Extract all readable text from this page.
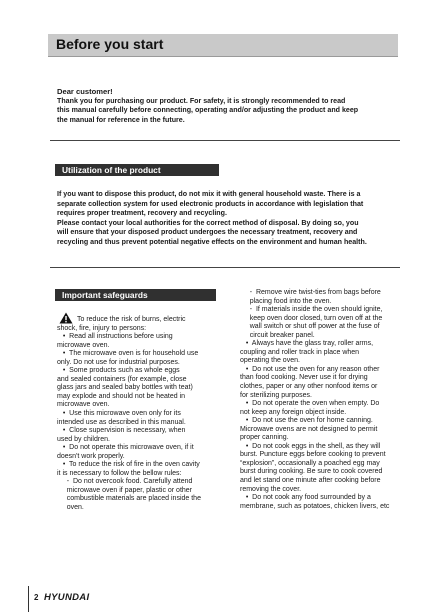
Before you start

Dear customer!

Thank you for purchasing our product. For safety, it is strongly recommended to read

this manual carefully before connecting, operating and/or adjusting the product and keep

the manual for reference in the future.

Utilization of the product

If you want to dispose this product, do not mix it with general household waste. There is a

separate collection system for used electronic products in accordance with legislation that

requires proper treatment, recovery and recycling.

Please contact your local authorities for the correct method of disposal. By doing so, you

will ensure that your disposed product undergoes the necessary treatment, recovery and

recycling and thus prevent potential negative effects on the environment and human health.

Important safeguards

To reduce the risk of burns, electric

shock, fire, injury to persons:

•  Read all instructions before using

microwave oven.

•  The microwave oven is for household use

only. Do not use for industrial purposes.

•  Some products such as whole eggs

and sealed containers (for example, close

glass jars and sealed baby bottles with teat)

may explode and should not be heated in

microwave oven.

•  Use this microwave oven only for its

intended use as described in this manual.

•  Close supervision is necessary, when

used by children.

•  Do not operate this microwave oven, if it

doesn't work properly.

•  To reduce the risk of fire in the oven cavity

it is necessary to follow the bellow rules:

-  Do not overcook food. Carefully attend

microwave oven if paper, plastic or other

combustible materials are placed inside the

oven.

-  Remove wire twist-ties from bags before

placing food into the oven.

-  If materials inside the oven should ignite,

keep oven door closed, turn oven off at the

wall switch or shut off power at the fuse of

circuit breaker panel.

•  Always have the glass tray, roller arms,

coupling and roller track in place when

operating the oven.

•  Do not use the oven for any reason other

than food cooking. Never use it for drying

clothes, paper or any other nonfood items or

for sterilizing purposes.

•  Do not operate the oven when empty. Do

not keep any foreign object inside.

•  Do not use the oven for home canning.

Microwave ovens are not designed to permit

proper canning.

•  Do not cook eggs in the shell, as they will

burst. Puncture eggs before cooking to prevent

“explosion”, occasionally a poached egg may

burst during cooking. Be sure to cook covered

and let stand one minute after cooking before

removing the cover.

•  Do not cook any food surrounded by a

membrane, such as potatoes, chicken livers, etc

2 HYUNDAI
